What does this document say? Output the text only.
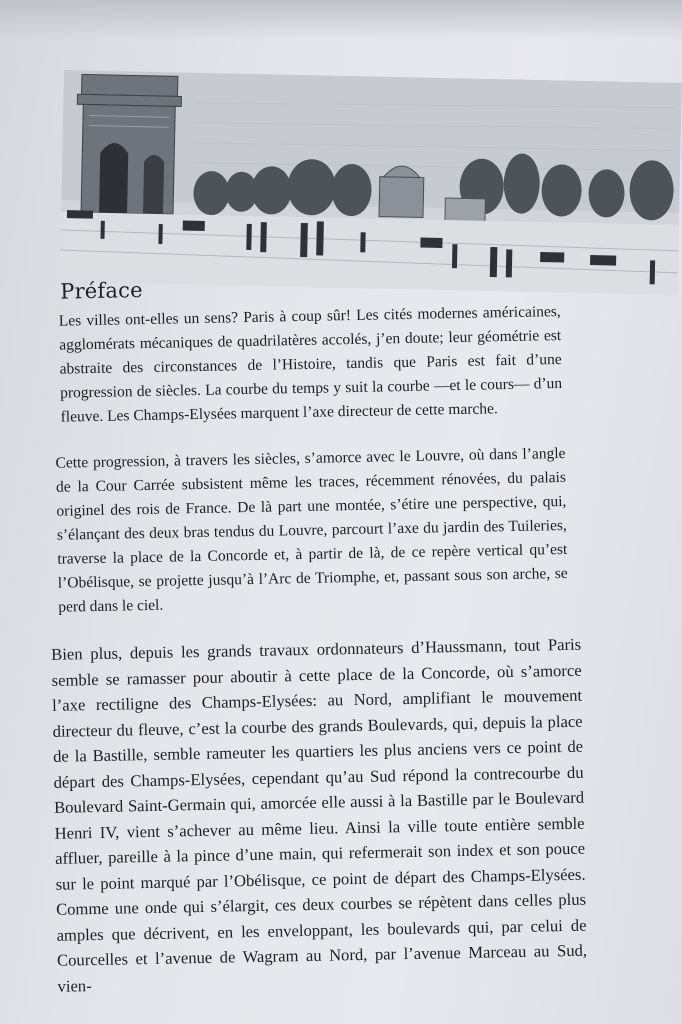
Préface

Les villes ont-elles un sens? Paris à coup sûr! Les cités modernes américaines, agglomérats mécaniques de quadrilatères accolés, j’en doute; leur géométrie est abstraite des circonstances de l’Histoire, tandis que Paris est fait d’une progression de siècles. La courbe du temps y suit la courbe —et le cours— d’un fleuve. Les Champs-Elysées marquent l’axe directeur de cette marche.

Cette progression, à travers les siècles, s’amorce avec le Louvre, où dans l’angle de la Cour Carrée subsistent même les traces, récemment rénovées, du palais originel des rois de France. De là part une montée, s’étire une perspective, qui, s’élançant des deux bras tendus du Louvre, parcourt l’axe du jardin des Tuileries, traverse la place de la Concorde et, à partir de là, de ce repère vertical qu’est l’Obélisque, se projette jusqu’à l’Arc de Triomphe, et, passant sous son arche, se perd dans le ciel.

Bien plus, depuis les grands travaux ordonnateurs d’Haussmann, tout Paris semble se ramasser pour aboutir à cette place de la Concorde, où s’amorce l’axe rectiligne des Champs-Elysées: au Nord, amplifiant le mouvement directeur du fleuve, c’est la courbe des grands Boulevards, qui, depuis la place de la Bastille, semble rameuter les quartiers les plus anciens vers ce point de départ des Champs-Elysées, cependant qu’au Sud répond la contrecourbe du Boulevard Saint-Germain qui, amorcée elle aussi à la Bastille par le Boulevard Henri IV, vient s’achever au même lieu. Ainsi la ville toute entière semble affluer, pareille à la pince d’une main, qui refermerait son index et son pouce sur le point marqué par l’Obélisque, ce point de départ des Champs-Elysées. Comme une onde qui s’élargit, ces deux courbes se répètent dans celles plus amples que décrivent, en les enveloppant, les boulevards qui, par celui de Courcelles et l’avenue de Wagram au Nord, par l’avenue Marceau au Sud, vien-
